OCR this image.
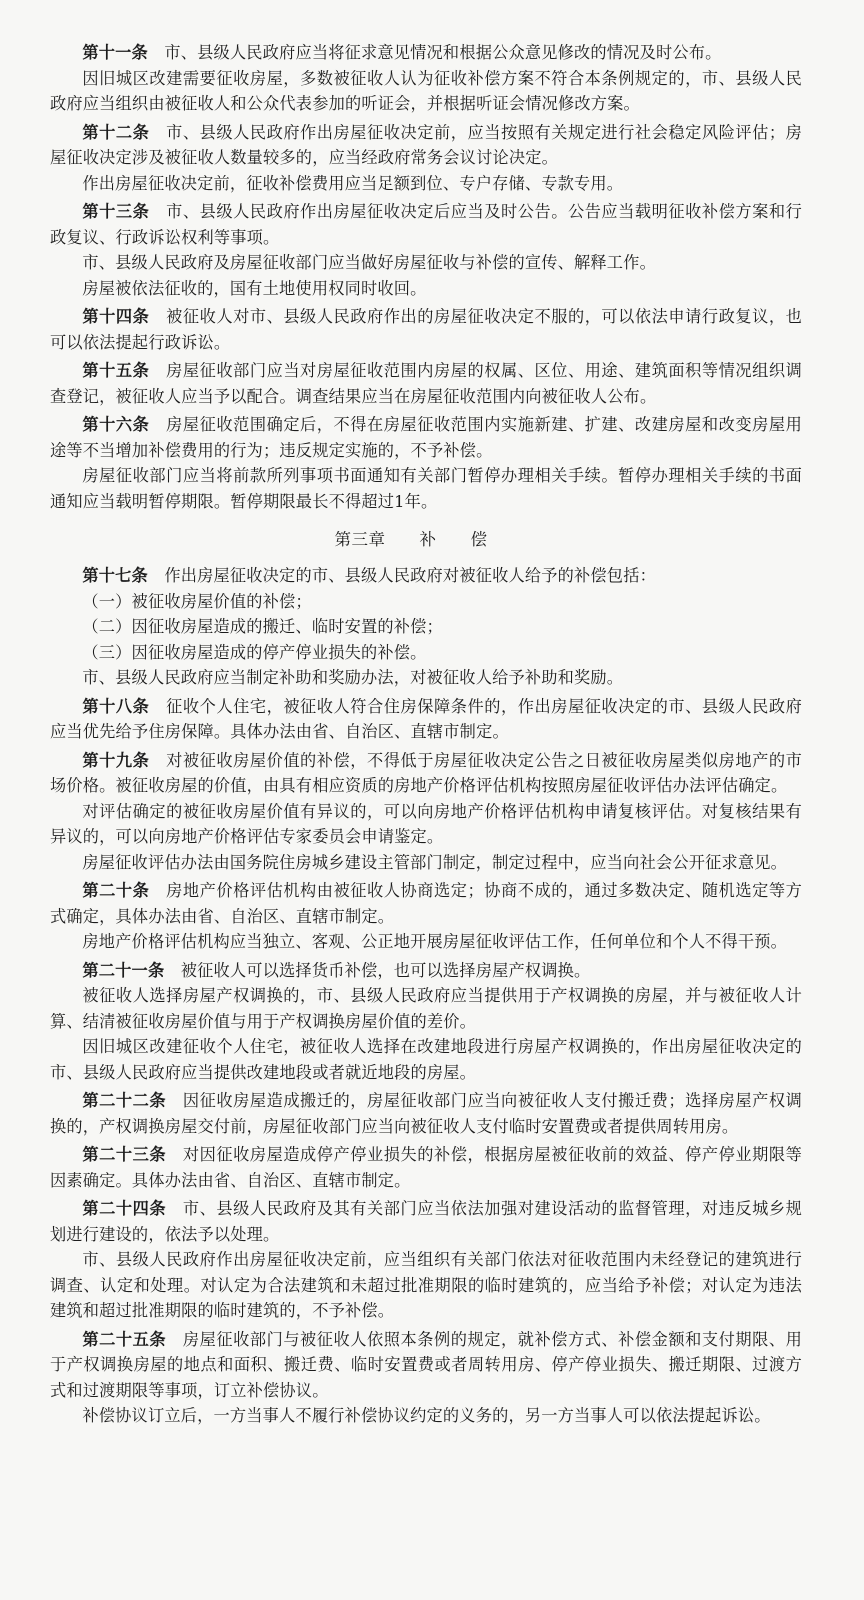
第十一条  市、县级人民政府应当将征求意见情况和根据公众意见修改的情况及时公布。

因旧城区改建需要征收房屋，多数被征收人认为征收补偿方案不符合本条例规定的，市、县级人民政府应当组织由被征收人和公众代表参加的听证会，并根据听证会情况修改方案。

第十二条  市、县级人民政府作出房屋征收决定前，应当按照有关规定进行社会稳定风险评估；房屋征收决定涉及被征收人数量较多的，应当经政府常务会议讨论决定。

作出房屋征收决定前，征收补偿费用应当足额到位、专户存储、专款专用。

第十三条  市、县级人民政府作出房屋征收决定后应当及时公告。公告应当载明征收补偿方案和行政复议、行政诉讼权利等事项。

市、县级人民政府及房屋征收部门应当做好房屋征收与补偿的宣传、解释工作。

房屋被依法征收的，国有土地使用权同时收回。

第十四条  被征收人对市、县级人民政府作出的房屋征收决定不服的，可以依法申请行政复议，也可以依法提起行政诉讼。

第十五条  房屋征收部门应当对房屋征收范围内房屋的权属、区位、用途、建筑面积等情况组织调查登记，被征收人应当予以配合。调查结果应当在房屋征收范围内向被征收人公布。

第十六条  房屋征收范围确定后，不得在房屋征收范围内实施新建、扩建、改建房屋和改变房屋用途等不当增加补偿费用的行为；违反规定实施的，不予补偿。

房屋征收部门应当将前款所列事项书面通知有关部门暂停办理相关手续。暂停办理相关手续的书面通知应当载明暂停期限。暂停期限最长不得超过1年。

第三章 补 偿

第十七条  作出房屋征收决定的市、县级人民政府对被征收人给予的补偿包括：

（一）被征收房屋价值的补偿；

（二）因征收房屋造成的搬迁、临时安置的补偿；

（三）因征收房屋造成的停产停业损失的补偿。

市、县级人民政府应当制定补助和奖励办法，对被征收人给予补助和奖励。

第十八条  征收个人住宅，被征收人符合住房保障条件的，作出房屋征收决定的市、县级人民政府应当优先给予住房保障。具体办法由省、自治区、直辖市制定。

第十九条  对被征收房屋价值的补偿，不得低于房屋征收决定公告之日被征收房屋类似房地产的市场价格。被征收房屋的价值，由具有相应资质的房地产价格评估机构按照房屋征收评估办法评估确定。

对评估确定的被征收房屋价值有异议的，可以向房地产价格评估机构申请复核评估。对复核结果有异议的，可以向房地产价格评估专家委员会申请鉴定。

房屋征收评估办法由国务院住房城乡建设主管部门制定，制定过程中，应当向社会公开征求意见。

第二十条  房地产价格评估机构由被征收人协商选定；协商不成的，通过多数决定、随机选定等方式确定，具体办法由省、自治区、直辖市制定。

房地产价格评估机构应当独立、客观、公正地开展房屋征收评估工作，任何单位和个人不得干预。

第二十一条  被征收人可以选择货币补偿，也可以选择房屋产权调换。

被征收人选择房屋产权调换的，市、县级人民政府应当提供用于产权调换的房屋，并与被征收人计算、结清被征收房屋价值与用于产权调换房屋价值的差价。

因旧城区改建征收个人住宅，被征收人选择在改建地段进行房屋产权调换的，作出房屋征收决定的市、县级人民政府应当提供改建地段或者就近地段的房屋。

第二十二条  因征收房屋造成搬迁的，房屋征收部门应当向被征收人支付搬迁费；选择房屋产权调换的，产权调换房屋交付前，房屋征收部门应当向被征收人支付临时安置费或者提供周转用房。

第二十三条  对因征收房屋造成停产停业损失的补偿，根据房屋被征收前的效益、停产停业期限等因素确定。具体办法由省、自治区、直辖市制定。

第二十四条  市、县级人民政府及其有关部门应当依法加强对建设活动的监督管理，对违反城乡规划进行建设的，依法予以处理。

市、县级人民政府作出房屋征收决定前，应当组织有关部门依法对征收范围内未经登记的建筑进行调查、认定和处理。对认定为合法建筑和未超过批准期限的临时建筑的，应当给予补偿；对认定为违法建筑和超过批准期限的临时建筑的，不予补偿。

第二十五条  房屋征收部门与被征收人依照本条例的规定，就补偿方式、补偿金额和支付期限、用于产权调换房屋的地点和面积、搬迁费、临时安置费或者周转用房、停产停业损失、搬迁期限、过渡方式和过渡期限等事项，订立补偿协议。

补偿协议订立后，一方当事人不履行补偿协议约定的义务的，另一方当事人可以依法提起诉讼。
